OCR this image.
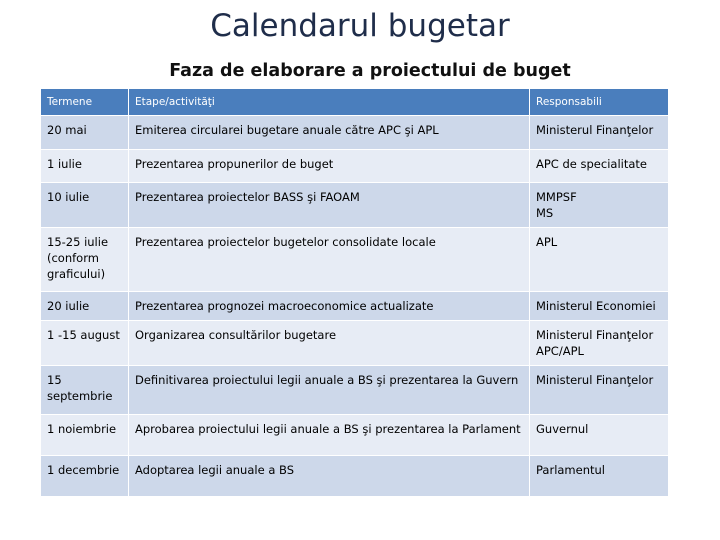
Calendarul bugetar
Faza de elaborare a proiectului de buget
Termene	Etape/activităţi	Responsabili

20 mai	Emiterea circularei bugetare anuale către APC şi APL	Ministerul Finanţelor

1 iulie	Prezentarea propunerilor de buget	APC de specialitate

10 iulie	Prezentarea proiectelor BASS şi FAOAM	MMPSF
MS

15-25 iulie
(conform
graficului)	Prezentarea proiectelor bugetelor consolidate locale	APL

20 iulie	Prezentarea prognozei macroeconomice actualizate	Ministerul Economiei

1 -15 august	Organizarea consultărilor bugetare	Ministerul Finanţelor
APC/APL

15
septembrie	Definitivarea proiectului legii anuale a BS şi prezentarea la Guvern	Ministerul Finanţelor

1 noiembrie	Aprobarea proiectului legii anuale a BS şi prezentarea la Parlament	Guvernul

1 decembrie	Adoptarea legii anuale a BS	Parlamentul
